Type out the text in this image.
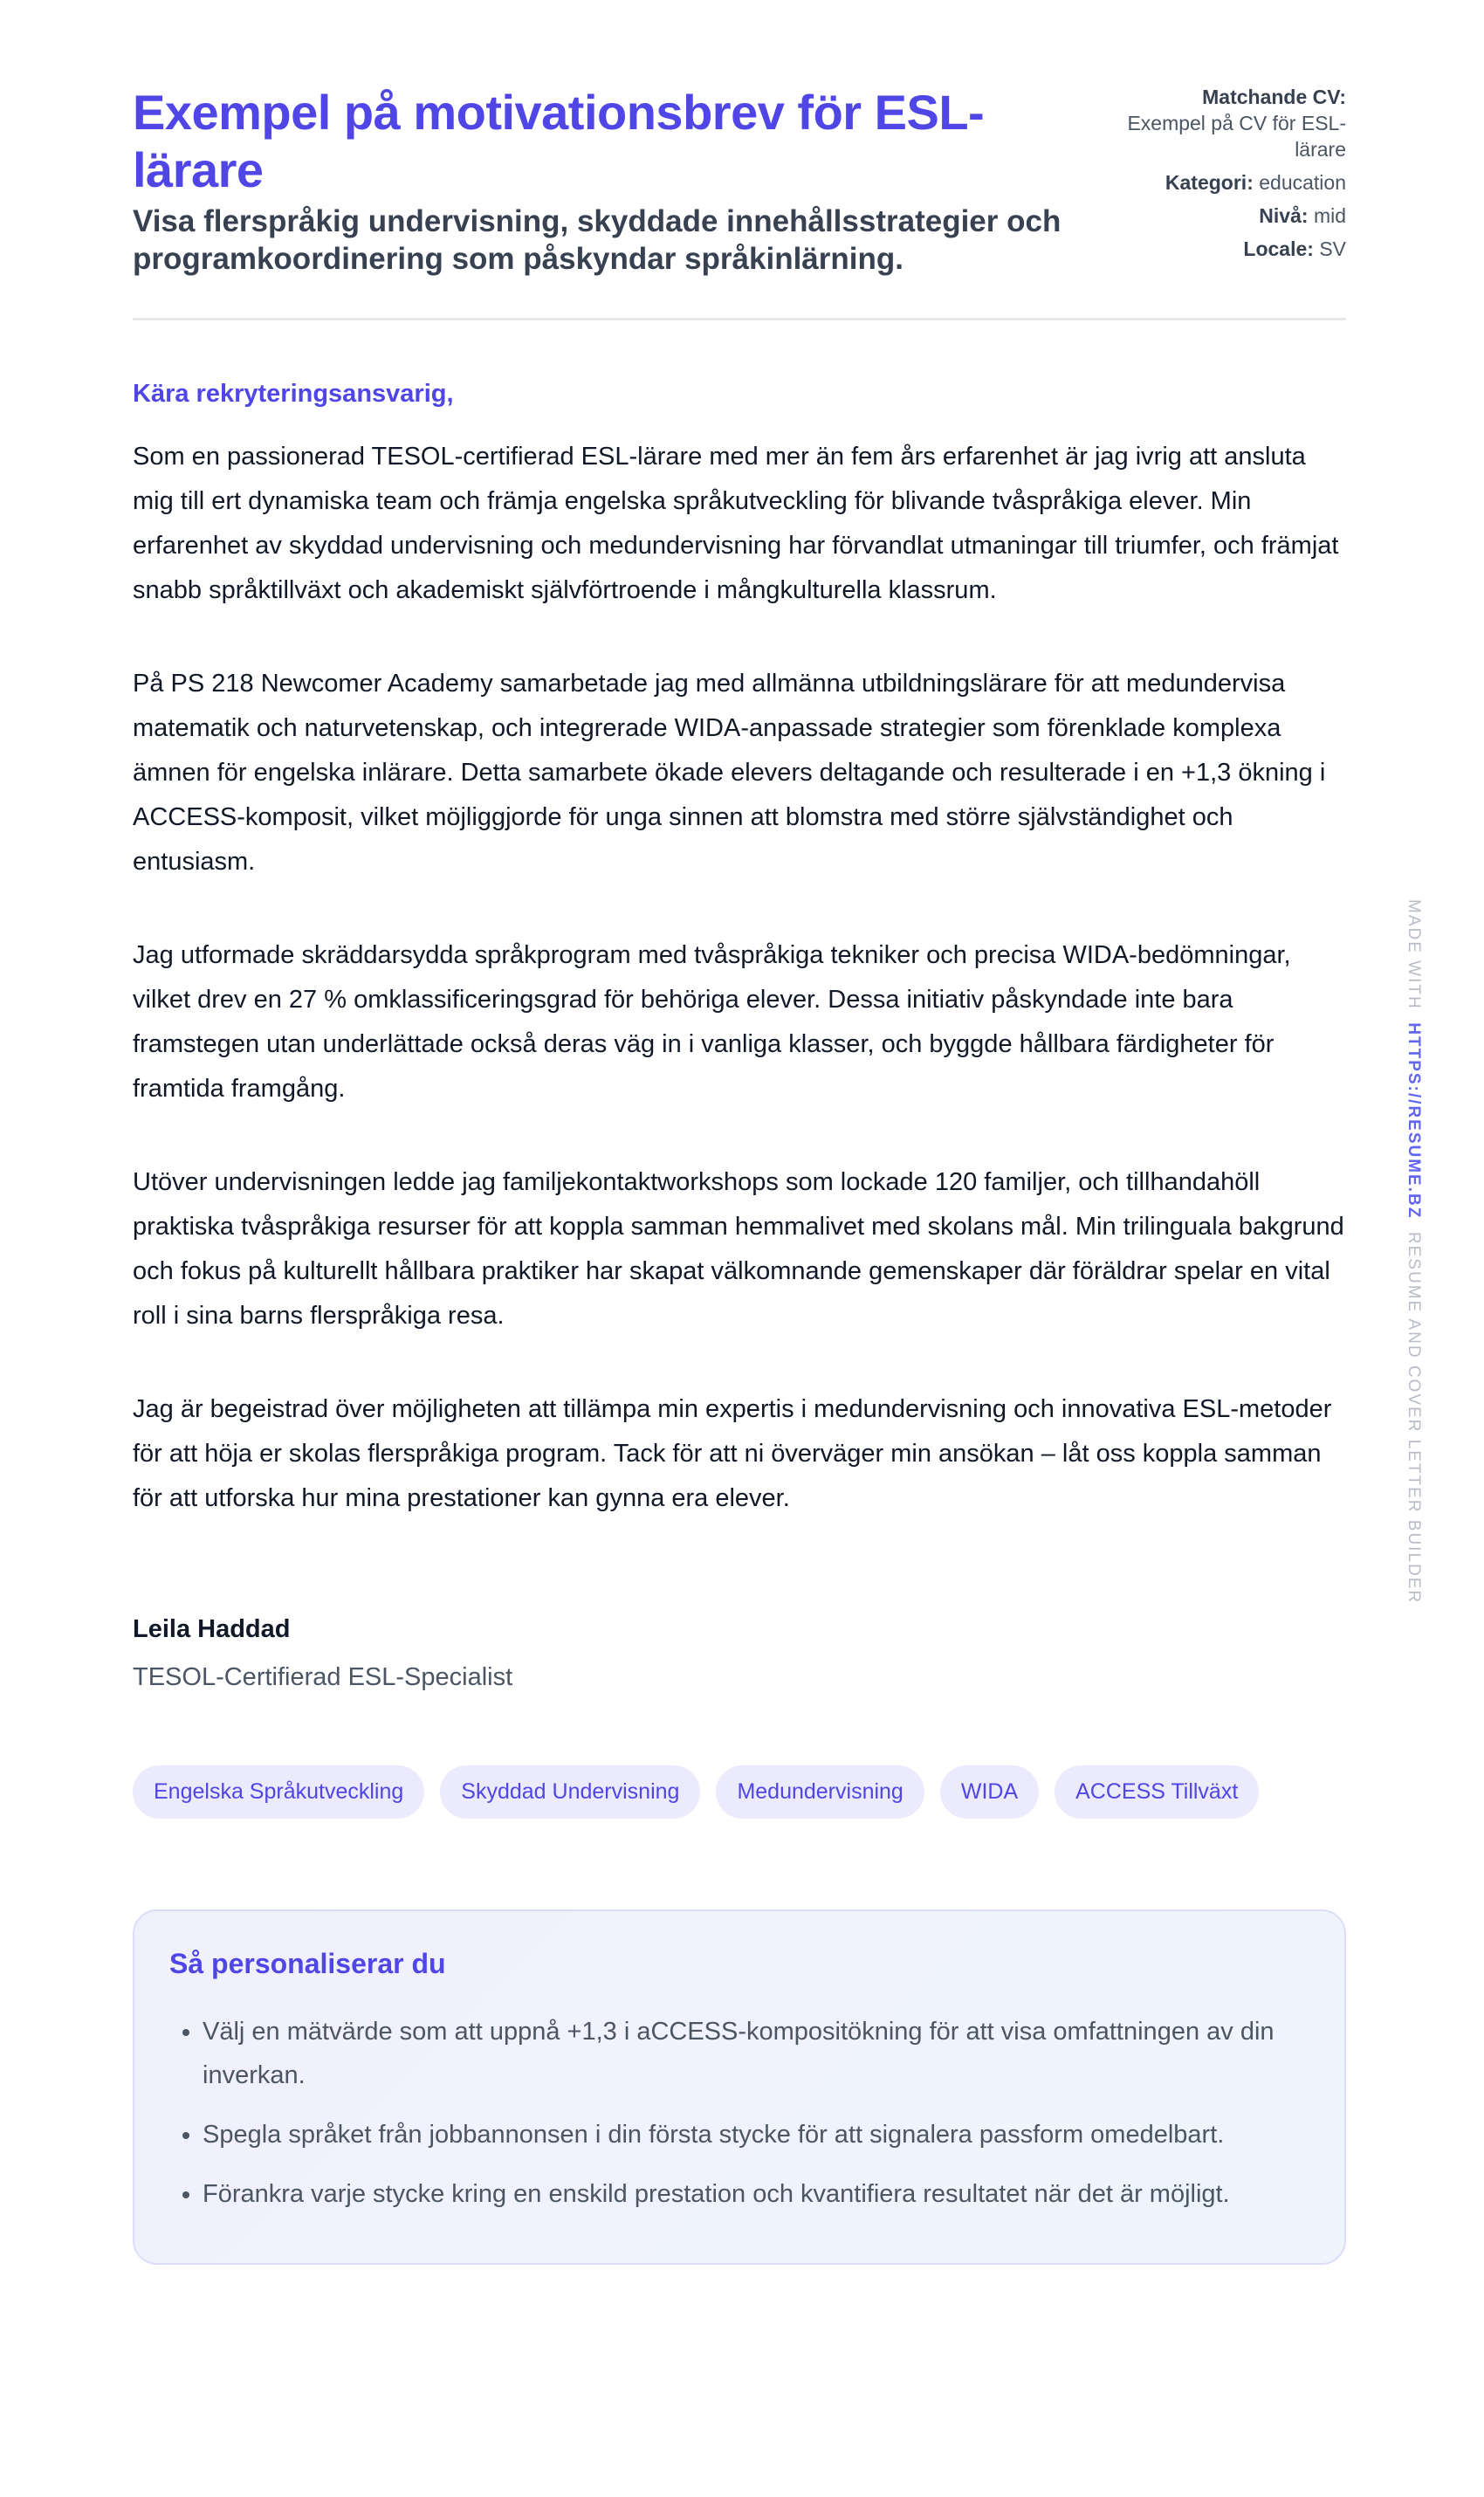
Exempel på motivationsbrev för ESL-lärare

Visa flerspråkig undervisning, skyddade innehållsstrategier och programkoordinering som påskyndar språkinlärning.

Matchande CV:
Exempel på CV för ESL-lärare
Kategori: education
Nivå: mid
Locale: SV
Kära rekryteringsansvarig,

Som en passionerad TESOL-certifierad ESL-lärare med mer än fem års erfarenhet är jag ivrig att ansluta mig till ert dynamiska team och främja engelska språkutveckling för blivande tvåspråkiga elever. Min erfarenhet av skyddad undervisning och medundervisning har förvandlat utmaningar till triumfer, och främjat snabb språktillväxt och akademiskt självförtroende i mångkulturella klassrum.

På PS 218 Newcomer Academy samarbetade jag med allmänna utbildningslärare för att medundervisa matematik och naturvetenskap, och integrerade WIDA-anpassade strategier som förenklade komplexa ämnen för engelska inlärare. Detta samarbete ökade elevers deltagande och resulterade i en +1,3 ökning i ACCESS-komposit, vilket möjliggjorde för unga sinnen att blomstra med större självständighet och entusiasm.

Jag utformade skräddarsydda språkprogram med tvåspråkiga tekniker och precisa WIDA-bedömningar, vilket drev en 27 % omklassificeringsgrad för behöriga elever. Dessa initiativ påskyndade inte bara framstegen utan underlättade också deras väg in i vanliga klasser, och byggde hållbara färdigheter för framtida framgång.

Utöver undervisningen ledde jag familjekontaktworkshops som lockade 120 familjer, och tillhandahöll praktiska tvåspråkiga resurser för att koppla samman hemmalivet med skolans mål. Min trilinguala bakgrund och fokus på kulturellt hållbara praktiker har skapat välkomnande gemenskaper där föräldrar spelar en vital roll i sina barns flerspråkiga resa.

Jag är begeistrad över möjligheten att tillämpa min expertis i medundervisning och innovativa ESL-metoder för att höja er skolas flerspråkiga program. Tack för att ni överväger min ansökan – låt oss koppla samman för att utforska hur mina prestationer kan gynna era elever.

Leila Haddad
TESOL-Certifierad ESL-Specialist
Engelska Språkutveckling	Skyddad Undervisning	Medundervisning	WIDA	ACCESS Tillväxt
Så personaliserar du
• Välj en mätvärde som att uppnå +1,3 i aCCESS-kompositökning för att visa omfattningen av din inverkan.
• Spegla språket från jobbannonsen i din första stycke för att signalera passform omedelbart.
• Förankra varje stycke kring en enskild prestation och kvantifiera resultatet när det är möjligt.
MADE WITH  HTTPS://RESUME.BZ  RESUME AND COVER LETTER BUILDER
